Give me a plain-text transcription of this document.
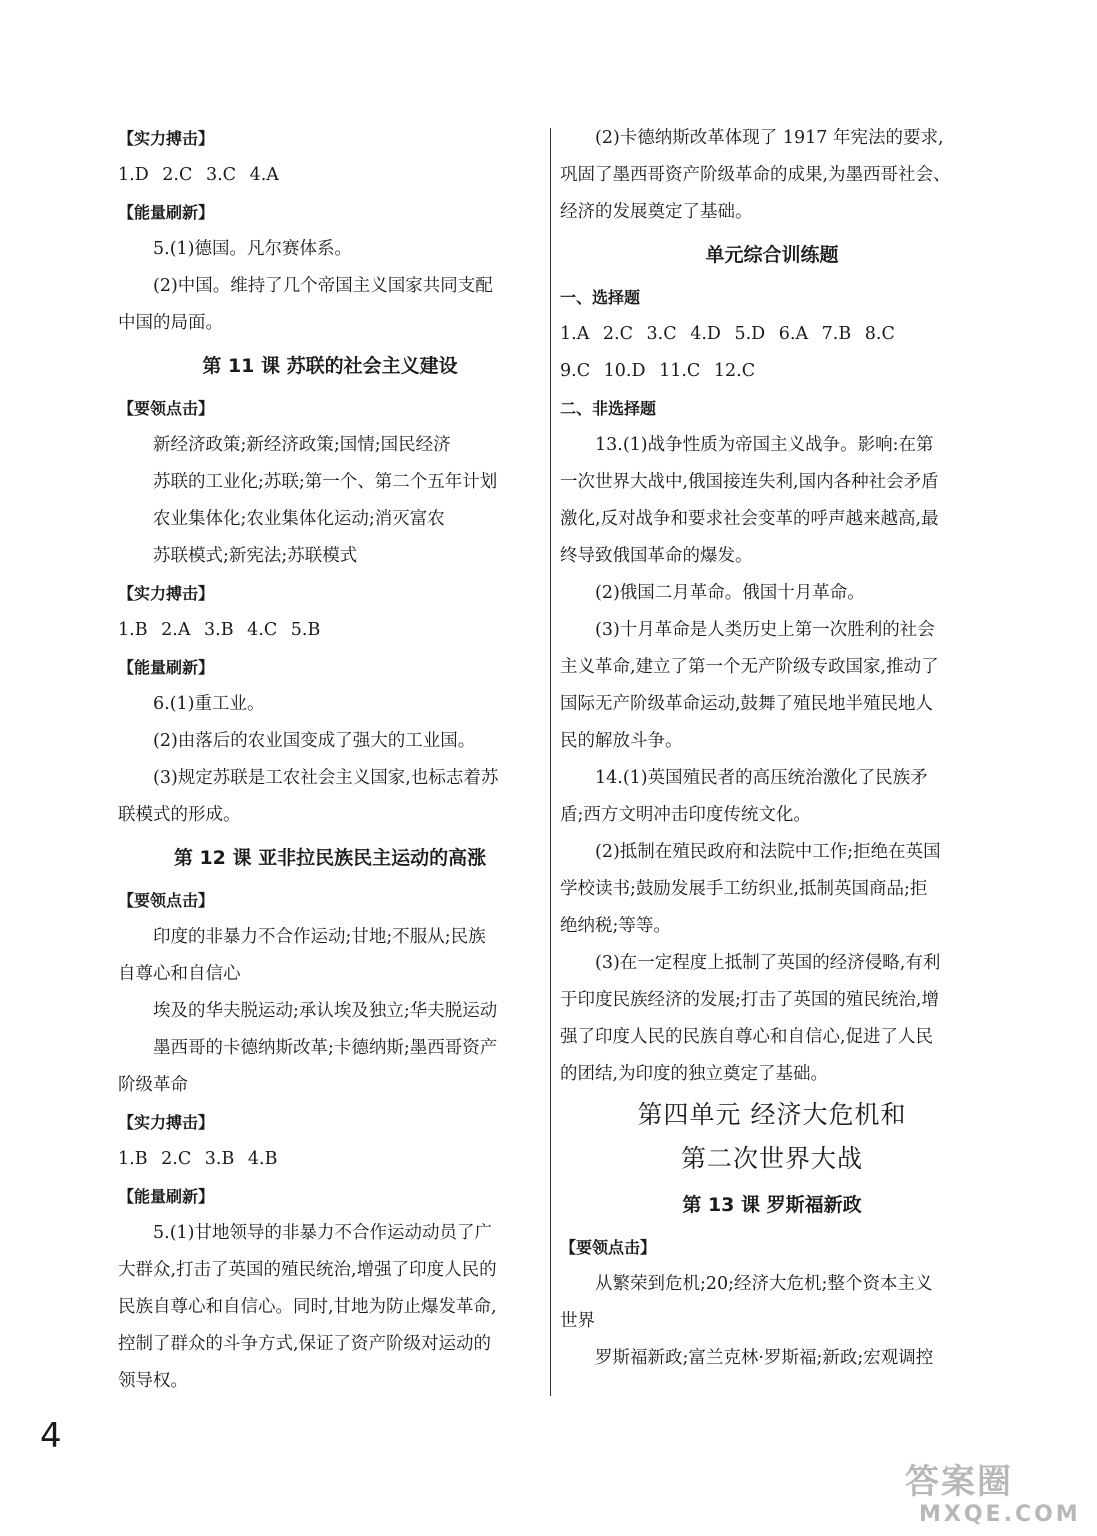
【实力搏击】
1.D 2.C 3.C 4.A
【能量刷新】
5.(1)德国。凡尔赛体系。
(2)中国。维持了几个帝国主义国家共同支配
中国的局面。
第 11 课 苏联的社会主义建设
【要领点击】
新经济政策;新经济政策;国情;国民经济
苏联的工业化;苏联;第一个、第二个五年计划
农业集体化;农业集体化运动;消灭富农
苏联模式;新宪法;苏联模式
【实力搏击】
1.B 2.A 3.B 4.C 5.B
【能量刷新】
6.(1)重工业。
(2)由落后的农业国变成了强大的工业国。
(3)规定苏联是工农社会主义国家,也标志着苏
联模式的形成。
第 12 课 亚非拉民族民主运动的高涨
【要领点击】
印度的非暴力不合作运动;甘地;不服从;民族
自尊心和自信心
埃及的华夫脱运动;承认埃及独立;华夫脱运动
墨西哥的卡德纳斯改革;卡德纳斯;墨西哥资产
阶级革命
【实力搏击】
1.B 2.C 3.B 4.B
【能量刷新】
5.(1)甘地领导的非暴力不合作运动动员了广
大群众,打击了英国的殖民统治,增强了印度人民的
民族自尊心和自信心。同时,甘地为防止爆发革命,
控制了群众的斗争方式,保证了资产阶级对运动的
领导权。
(2)卡德纳斯改革体现了 1917 年宪法的要求,
巩固了墨西哥资产阶级革命的成果,为墨西哥社会、
经济的发展奠定了基础。
单元综合训练题
一、选择题
1.A 2.C 3.C 4.D 5.D 6.A 7.B 8.C
9.C 10.D 11.C 12.C
二、非选择题
13.(1)战争性质为帝国主义战争。影响:在第
一次世界大战中,俄国接连失利,国内各种社会矛盾
激化,反对战争和要求社会变革的呼声越来越高,最
终导致俄国革命的爆发。
(2)俄国二月革命。俄国十月革命。
(3)十月革命是人类历史上第一次胜利的社会
主义革命,建立了第一个无产阶级专政国家,推动了
国际无产阶级革命运动,鼓舞了殖民地半殖民地人
民的解放斗争。
14.(1)英国殖民者的高压统治激化了民族矛
盾;西方文明冲击印度传统文化。
(2)抵制在殖民政府和法院中工作;拒绝在英国
学校读书;鼓励发展手工纺织业,抵制英国商品;拒
绝纳税;等等。
(3)在一定程度上抵制了英国的经济侵略,有利
于印度民族经济的发展;打击了英国的殖民统治,增
强了印度人民的民族自尊心和自信心,促进了人民
的团结,为印度的独立奠定了基础。
第四单元 经济大危机和
第二次世界大战
第 13 课 罗斯福新政
【要领点击】
从繁荣到危机;20;经济大危机;整个资本主义
世界
罗斯福新政;富兰克林·罗斯福;新政;宏观调控
4
答案圈
MXQE.COM
